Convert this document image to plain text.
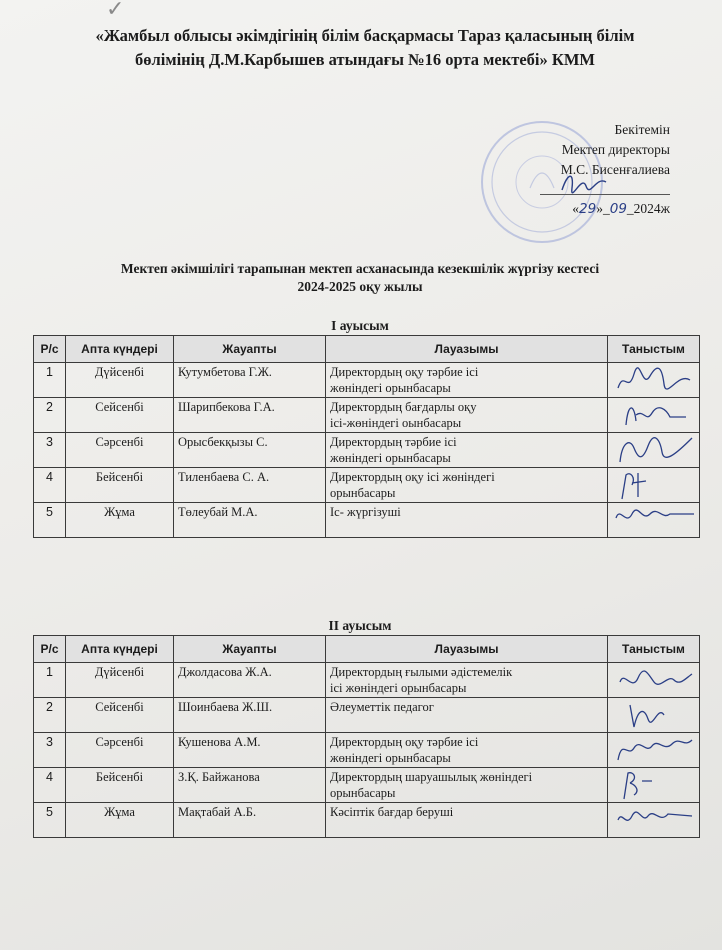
✓
«Жамбыл облысы әкімдігінің білім басқармасы Тараз қаласының білім
бөлімінің Д.М.Карбышев атындағы №16 орта мектебі» КММ
Бекітемін
Мектеп директоры
М.С. Бисенғалиева
«29»_09_2024ж
Мектеп әкімшілігі тарапынан мектеп асханасында кезекшілік жүргізу кестесі
2024-2025 оқу жылы
I ауысым
Р/с	Апта күндері	Жауапты	Лауазымы	Таныстым
1	Дүйсенбі	Кутумбетова Г.Ж.	Директордың оқу тәрбие ісі
жөніндегі орынбасары

2	Сейсенбі	Шарипбекова Г.А.	Директордың бағдарлы оқу
ісі-жөніндегі оынбасары

3	Сәрсенбі	Орысбекқызы С.	Директордың тәрбие ісі
жөніндегі орынбасары

4	Бейсенбі	Тиленбаева С. А.	Директордың оқу ісі жөніндегі
орынбасары

5	Жұма	Төлеубай М.А.	Іс- жүргізуші

II ауысым
Р/с	Апта күндері	Жауапты	Лауазымы	Таныстым
1	Дүйсенбі	Джолдасова Ж.А.	Директордың ғылыми әдістемелік
ісі жөніндегі орынбасары

2	Сейсенбі	Шоинбаева Ж.Ш.	Әлеуметтік педагог

3	Сәрсенбі	Кушенова А.М.	Директордың оқу тәрбие ісі
жөніндегі орынбасары

4	Бейсенбі	З.Қ. Байжанова	Директордың шаруашылық жөніндегі
орынбасары

5	Жұма	Мақтабай А.Б.	Кәсіптік бағдар беруші
